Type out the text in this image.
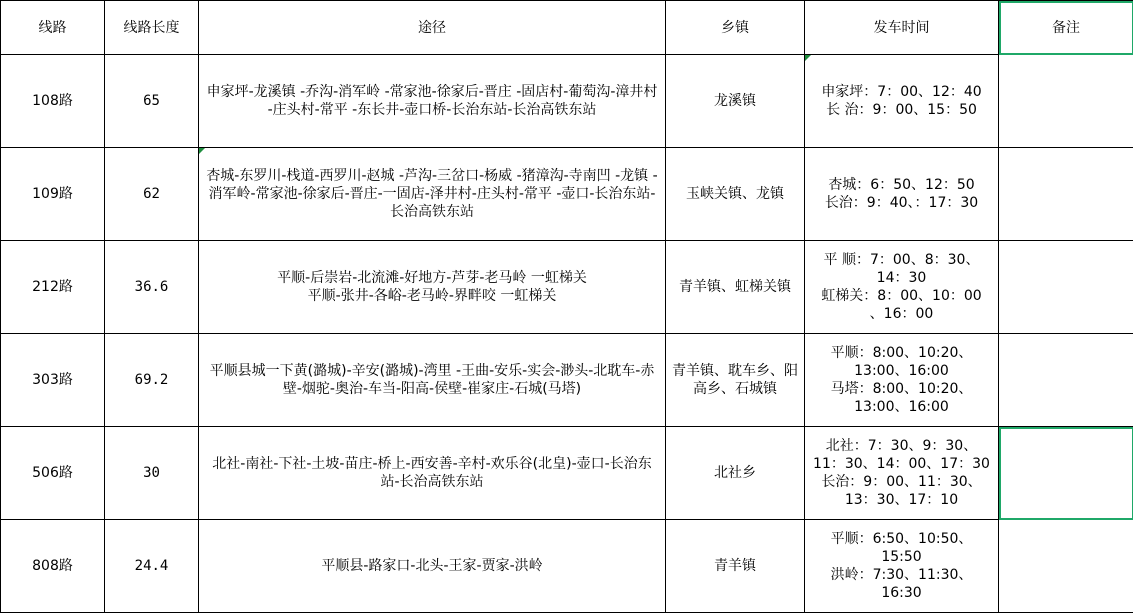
线路	线路长度	途径	乡镇	发车时间	备注
108路	65	申家坪-龙溪镇 -乔沟-消军岭 -常家池-徐家后-晋庄 -固店村-葡萄沟-漳井村 -庄头村-常平 -东长井-壶口桥-长治东站-长治高铁东站	龙溪镇	申家坪：7：00、12：40
长 治：9：00、15：50	

109路	62	杏城-东罗川-栈道-西罗川-赵城 -芦沟-三岔口-杨威 -猪漳沟-寺南凹 -龙镇 -消军岭-常家池-徐家后-晋庄-一固店-泽井村-庄头村-常平 -壶口-长治东站-长治高铁东站	玉峡关镇、龙镇	杏城：6：50、12：50
长治：9：40、：17：30	

212路	36.6	平顺-后崇岩-北流滩-好地方-芦芽-老马岭 一虹梯关
平顺-张井-各峪-老马岭-界畔咬 一虹梯关	青羊镇、虹梯关镇	平 顺：7：00、8：30、
14：30
虹梯关：8：00、10：00
、16：00	

303路	69.2	平顺县城一下黄(潞城)-辛安(潞城)-湾里 -王曲-安乐-实会-渺头-北耽车-赤壁-烟驼-奥治-车当-阳高-侯壁-崔家庄-石城(马塔)	青羊镇、耽车乡、阳高乡、石城镇	平顺：8:00、10:20、
13:00、16:00
马塔：8:00、10:20、
13:00、16:00	

506路	30	北社-南社-下社-土坡-苗庄-桥上-西安善-辛村-欢乐谷(北皇)-壶口-长治东站-长治高铁东站	北社乡	北社：7：30、9：30、
11：30、14：00、17：30
长治：9：00、11：30、
13：30、17：10	

808路	24.4	平顺县-路家口-北头-王家-贾家-洪岭	青羊镇	平顺：6:50、10:50、
15:50
洪岭：7:30、11:30、
16:30	
